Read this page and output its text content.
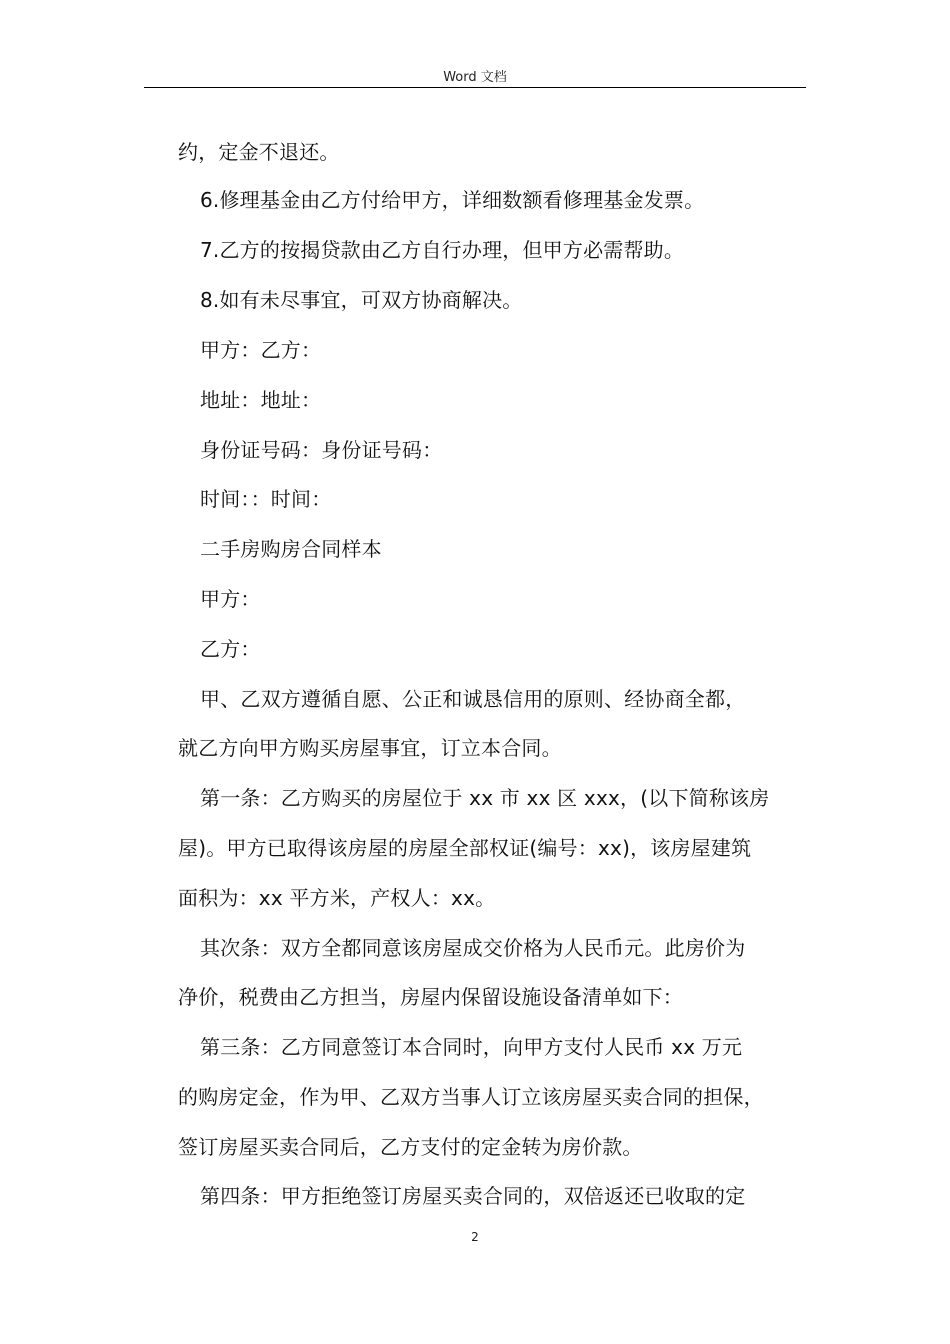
Word 文档
约，定金不退还。
6.修理基金由乙方付给甲方，详细数额看修理基金发票。
7.乙方的按揭贷款由乙方自行办理，但甲方必需帮助。
8.如有未尽事宜，可双方协商解决。
甲方：乙方：
地址：地址：
身份证号码：身份证号码：
时间：：时间：
二手房购房合同样本
甲方：
乙方：
甲、乙双方遵循自愿、公正和诚恳信用的原则、经协商全都，
就乙方向甲方购买房屋事宜，订立本合同。
第一条：乙方购买的房屋位于 xx 市 xx 区 xxx，(以下简称该房
屋)。甲方已取得该房屋的房屋全部权证(编号：xx)，该房屋建筑
面积为：xx 平方米，产权人：xx。
其次条：双方全都同意该房屋成交价格为人民币元。此房价为
净价，税费由乙方担当，房屋内保留设施设备清单如下：
第三条：乙方同意签订本合同时，向甲方支付人民币 xx 万元
的购房定金，作为甲、乙双方当事人订立该房屋买卖合同的担保，
签订房屋买卖合同后，乙方支付的定金转为房价款。
第四条：甲方拒绝签订房屋买卖合同的，双倍返还已收取的定
2
